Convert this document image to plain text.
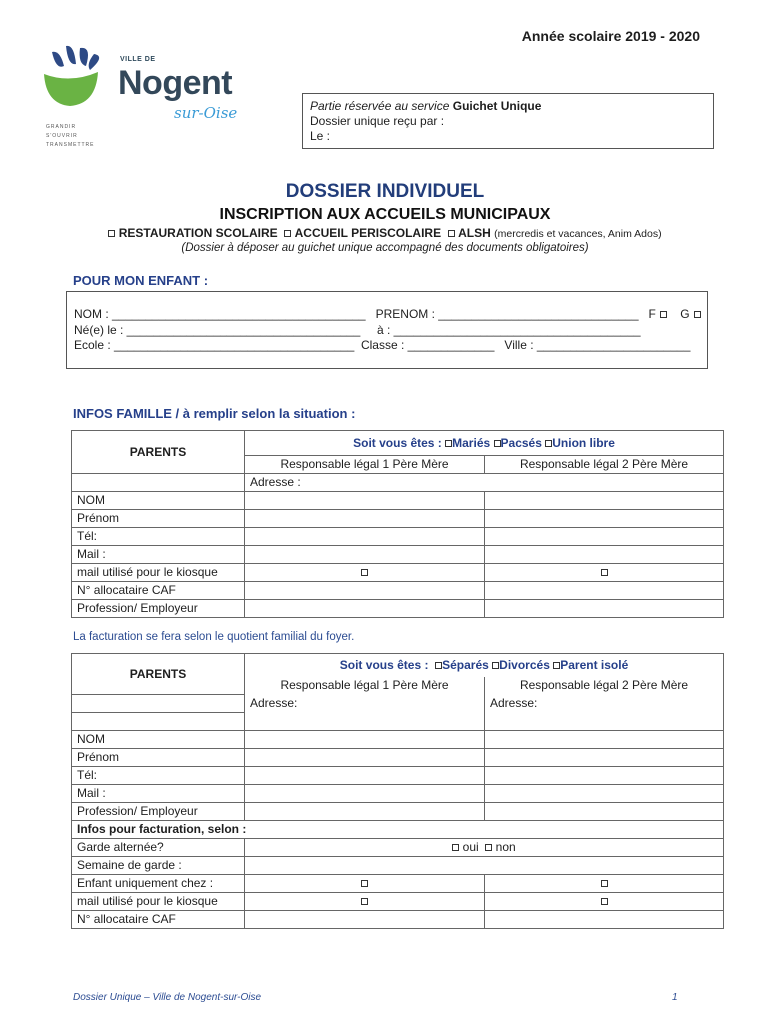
Année scolaire 2019 - 2020
VILLE DE
Nogent
sur-Oise
GRANDIR
S'OUVRIR
TRANSMETTRE
Partie réservée au service Guichet Unique
Dossier unique reçu par :
Le :
DOSSIER INDIVIDUEL
INSCRIPTION AUX ACCUEILS MUNICIPAUX
RESTAURATION SCOLAIRE ACCUEIL PERISCOLAIRE ALSH (mercredis et vacances, Anim Ados)
(Dossier à déposer au guichet unique accompagné des documents obligatoires)
POUR MON ENFANT :
NOM : ______________________________________ PRENOM : ______________________________ F G
Né(e) le : ___________________________________ à : _____________________________________
Ecole : ____________________________________ Classe : _____________ Ville : _______________________
INFOS FAMILLE / à remplir selon la situation :
PARENTS	Soit vous êtes : Mariés Pacsés Union libre	
	Responsable légal 1 Père Mère	Responsable légal 2 Père Mère
	Adresse :	
NOM		
Prénom		
Tél:		
Mail :		
mail utilisé pour le kiosque		
N° allocataire CAF		
Profession/ Employeur		
La facturation se fera selon le quotient familial du foyer.
PARENTS	Soit vous êtes : Séparés Divorcés Parent isolé	
	Responsable légal 1 Père Mère	Responsable légal 2 Père Mère
	Adresse:	Adresse:

NOM		
Prénom		
Tél:		
Mail :		
Profession/ Employeur		
Infos pour facturation, selon :		
Garde alternée?	oui non	
Semaine de garde :		
Enfant uniquement chez :		
mail utilisé pour le kiosque		
N° allocataire CAF		
Dossier Unique – Ville de Nogent-sur-Oise	1
